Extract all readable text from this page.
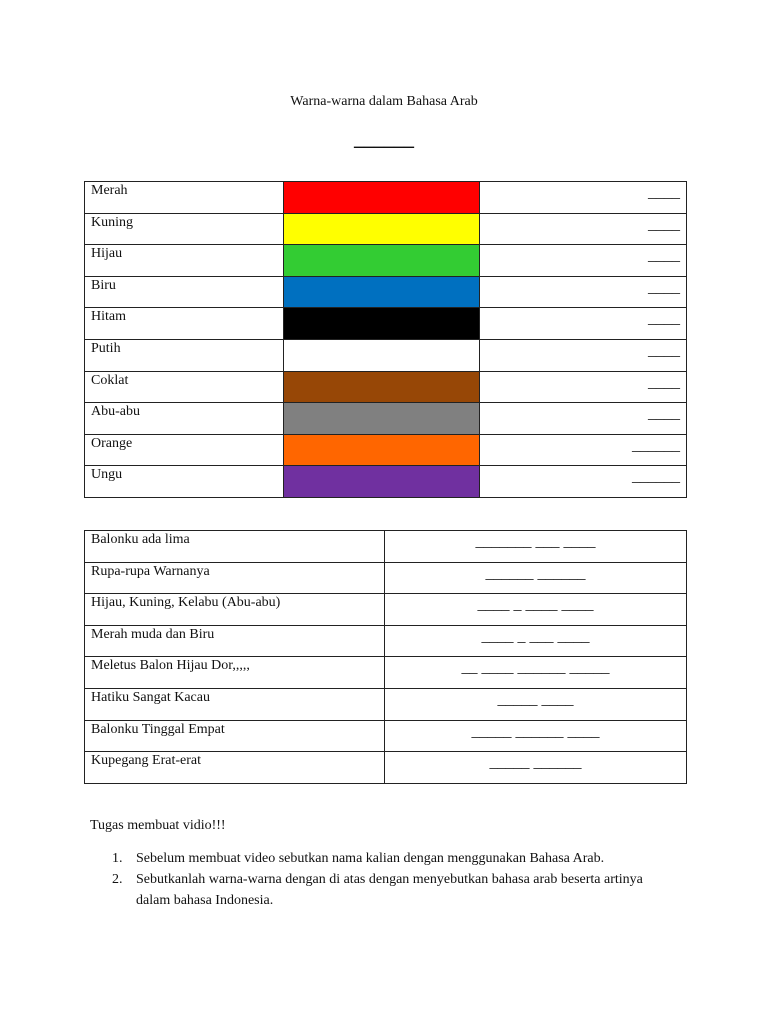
Warna-warna dalam Bahasa Arab
______
Merah		____
Kuning		____
Hijau		____
Biru		____
Hitam		____
Putih		____
Coklat		____
Abu-abu		____
Orange		______
Ungu		______
Balonku ada lima	____ ___ _______
Rupa-rupa Warnanya	______ ______
Hijau, Kuning, Kelabu (Abu-abu)	____ ____ _ ____
Merah muda dan Biru	____ ___ _ ____
Meletus Balon Hijau Dor,,,,,	_____ ______ ____ __
Hatiku Sangat Kacau	____ _____
Balonku Tinggal Empat	____ ______ _____
Kupegang Erat-erat	______ _____
Tugas membuat vidio!!!
1. Sebelum membuat video sebutkan nama kalian dengan menggunakan Bahasa Arab.
2. Sebutkanlah warna-warna dengan di atas dengan menyebutkan bahasa arab beserta artinya dalam bahasa Indonesia.
